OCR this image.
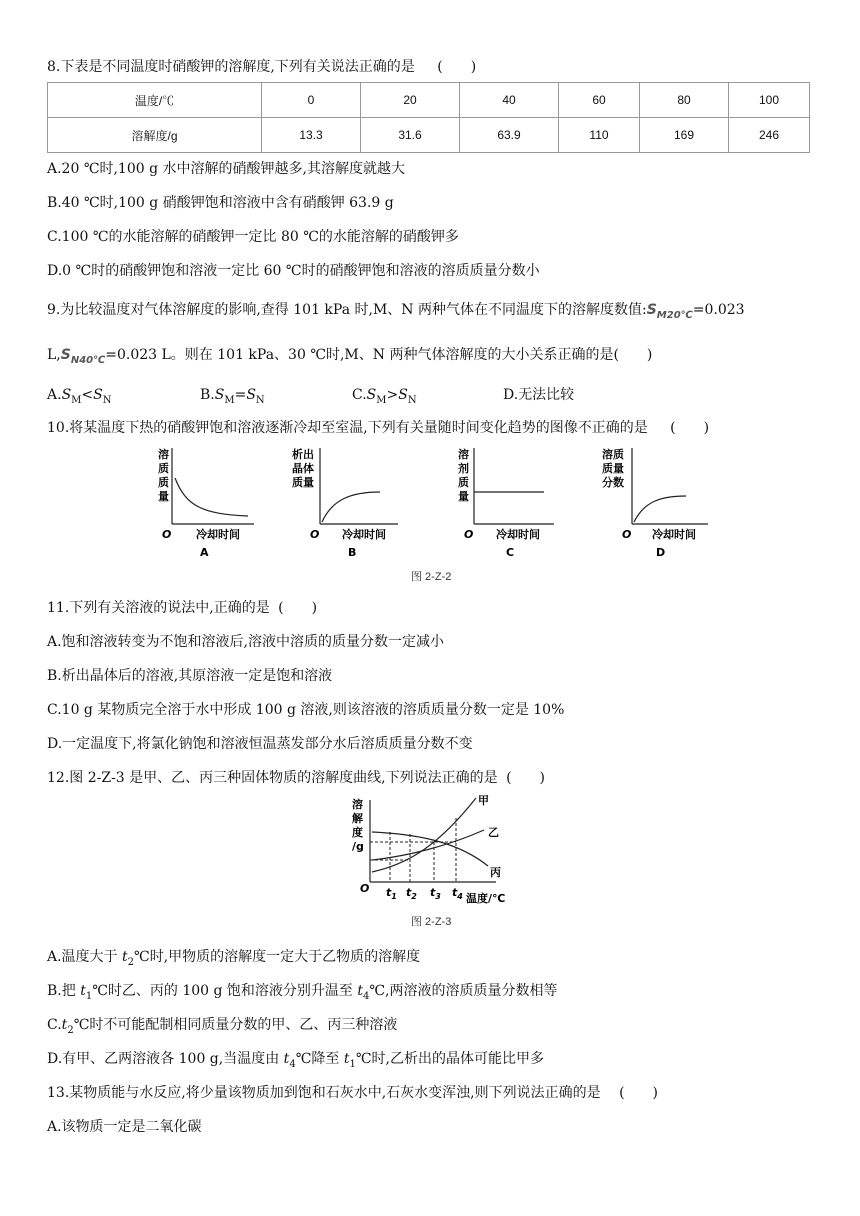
8.下表是不同温度时硝酸钾的溶解度,下列有关说法正确的是 (　　)
温度/℃	0	20	40	60	80	100
溶解度/g	13.3	31.6	63.9	110	169	246
A.20 ℃时,100 g 水中溶解的硝酸钾越多,其溶解度就越大
B.40 ℃时,100 g 硝酸钾饱和溶液中含有硝酸钾 63.9 g
C.100 ℃的水能溶解的硝酸钾一定比 80 ℃的水能溶解的硝酸钾多
D.0 ℃时的硝酸钾饱和溶液一定比 60 ℃时的硝酸钾饱和溶液的溶质质量分数小
9.为比较温度对气体溶解度的影响,查得 101 kPa 时,M、N 两种气体在不同温度下的溶解度数值$:S_{M20℃}=0.023$
$L,S_{N40℃}=0.023$ L。则在 101 kPa、30 ℃时,M、N 两种气体溶解度的大小关系正确的是(　　)
$A.S_M<S_N$	$B.S_M=S_N$	$C.S_M>S_N$	D.无法比较
10.将某温度下热的硝酸钾饱和溶液逐渐冷却至室温,下列有关量随时间变化趋势的图像不正确的是 (　　)
溶
质
质
量
O 冷却时间
A
析出
晶体
质量
O 冷却时间
B
溶
剂
质
量
O 冷却时间
C
溶质
质量
分数
O 冷却时间
D
图 2-Z-2
11.下列有关溶液的说法中,正确的是 (　　)
A.饱和溶液转变为不饱和溶液后,溶液中溶质的质量分数一定减小
B.析出晶体后的溶液,其原溶液一定是饱和溶液
C.10 g 某物质完全溶于水中形成 100 g 溶液,则该溶液的溶质质量分数一定是 10%
D.一定温度下,将氯化钠饱和溶液恒温蒸发部分水后溶质质量分数不变
12.图 2-Z-3 是甲、乙、丙三种固体物质的溶解度曲线,下列说法正确的是 (　　)
溶
解
度
/g
甲
乙
丙
O $t_1$ $t_2$ $t_3$ $t_4$ 温度/℃
图 2-Z-3
A.温度大于 $t_2℃$时,甲物质的溶解度一定大于乙物质的溶解度
B.把 $t_1℃$时乙、丙的 100 g 饱和溶液分别升温至 $t_4℃$,两溶液的溶质质量分数相等
$C.t_2℃$时不可能配制相同质量分数的甲、乙、丙三种溶液
D.有甲、乙两溶液各 100 g,当温度由 $t_4℃$降至 $t_1℃$时,乙析出的晶体可能比甲多
13.某物质能与水反应,将少量该物质加到饱和石灰水中,石灰水变浑浊,则下列说法正确的是 (　　)
A.该物质一定是二氧化碳
